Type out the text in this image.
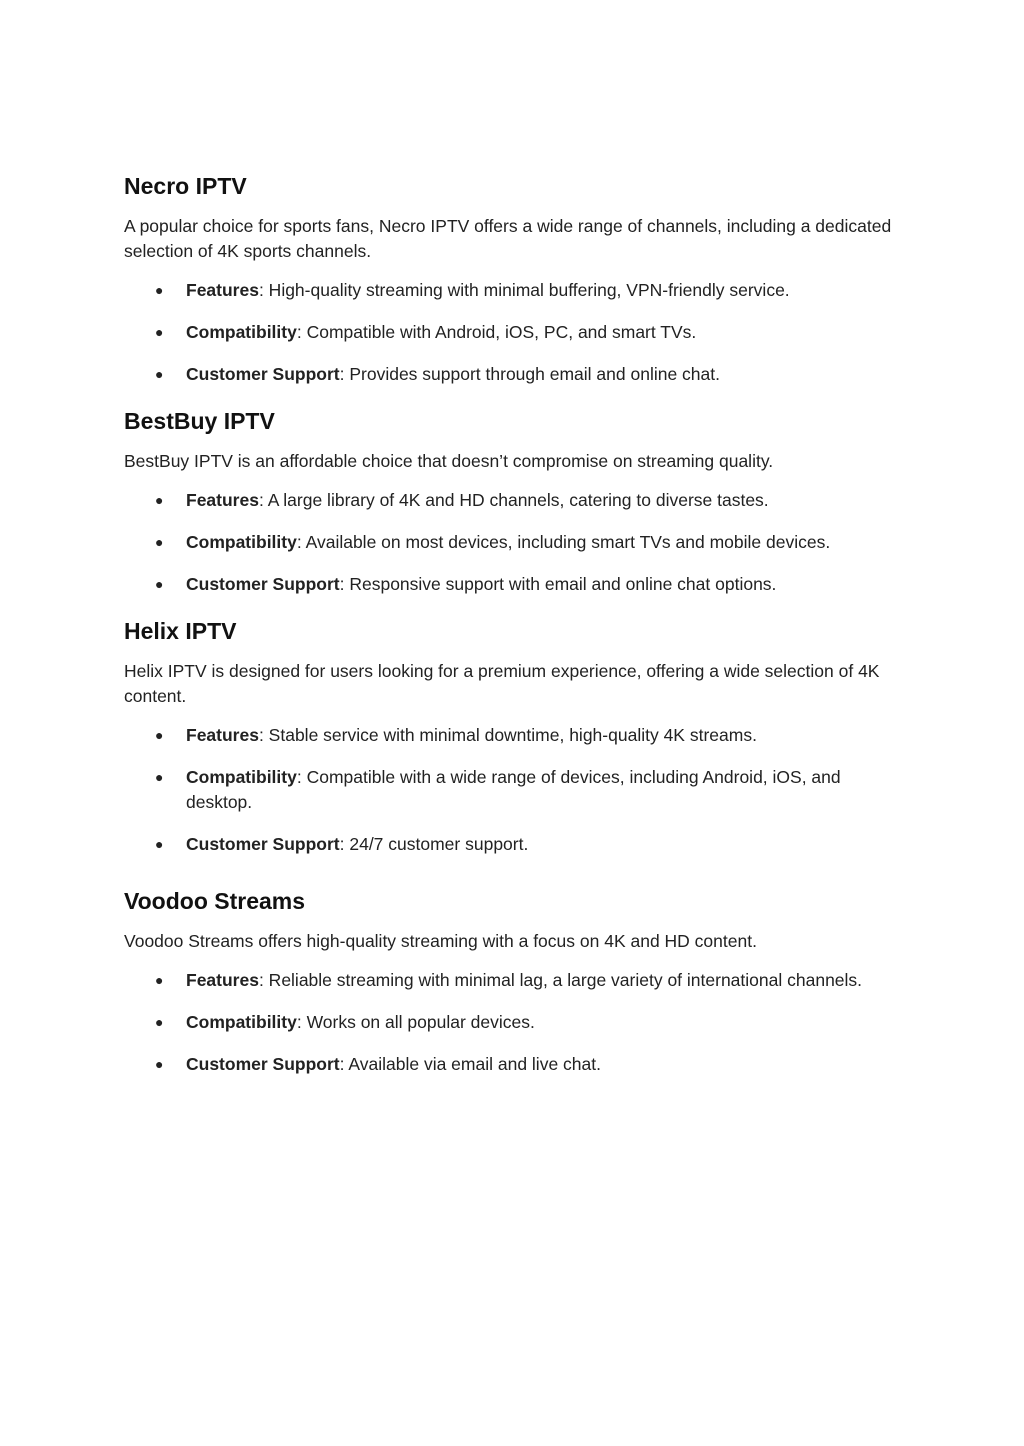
Necro IPTV

A popular choice for sports fans, Necro IPTV offers a wide range of channels, including a dedicated selection of 4K sports channels.

● Features: High-quality streaming with minimal buffering, VPN-friendly service.
● Compatibility: Compatible with Android, iOS, PC, and smart TVs.
● Customer Support: Provides support through email and online chat.
BestBuy IPTV

BestBuy IPTV is an affordable choice that doesn’t compromise on streaming quality.

● Features: A large library of 4K and HD channels, catering to diverse tastes.
● Compatibility: Available on most devices, including smart TVs and mobile devices.
● Customer Support: Responsive support with email and online chat options.
Helix IPTV

Helix IPTV is designed for users looking for a premium experience, offering a wide selection of 4K content.

● Features: Stable service with minimal downtime, high-quality 4K streams.
● Compatibility: Compatible with a wide range of devices, including Android, iOS, and desktop.
● Customer Support: 24/7 customer support.
Voodoo Streams

Voodoo Streams offers high-quality streaming with a focus on 4K and HD content.

● Features: Reliable streaming with minimal lag, a large variety of international channels.
● Compatibility: Works on all popular devices.
● Customer Support: Available via email and live chat.
